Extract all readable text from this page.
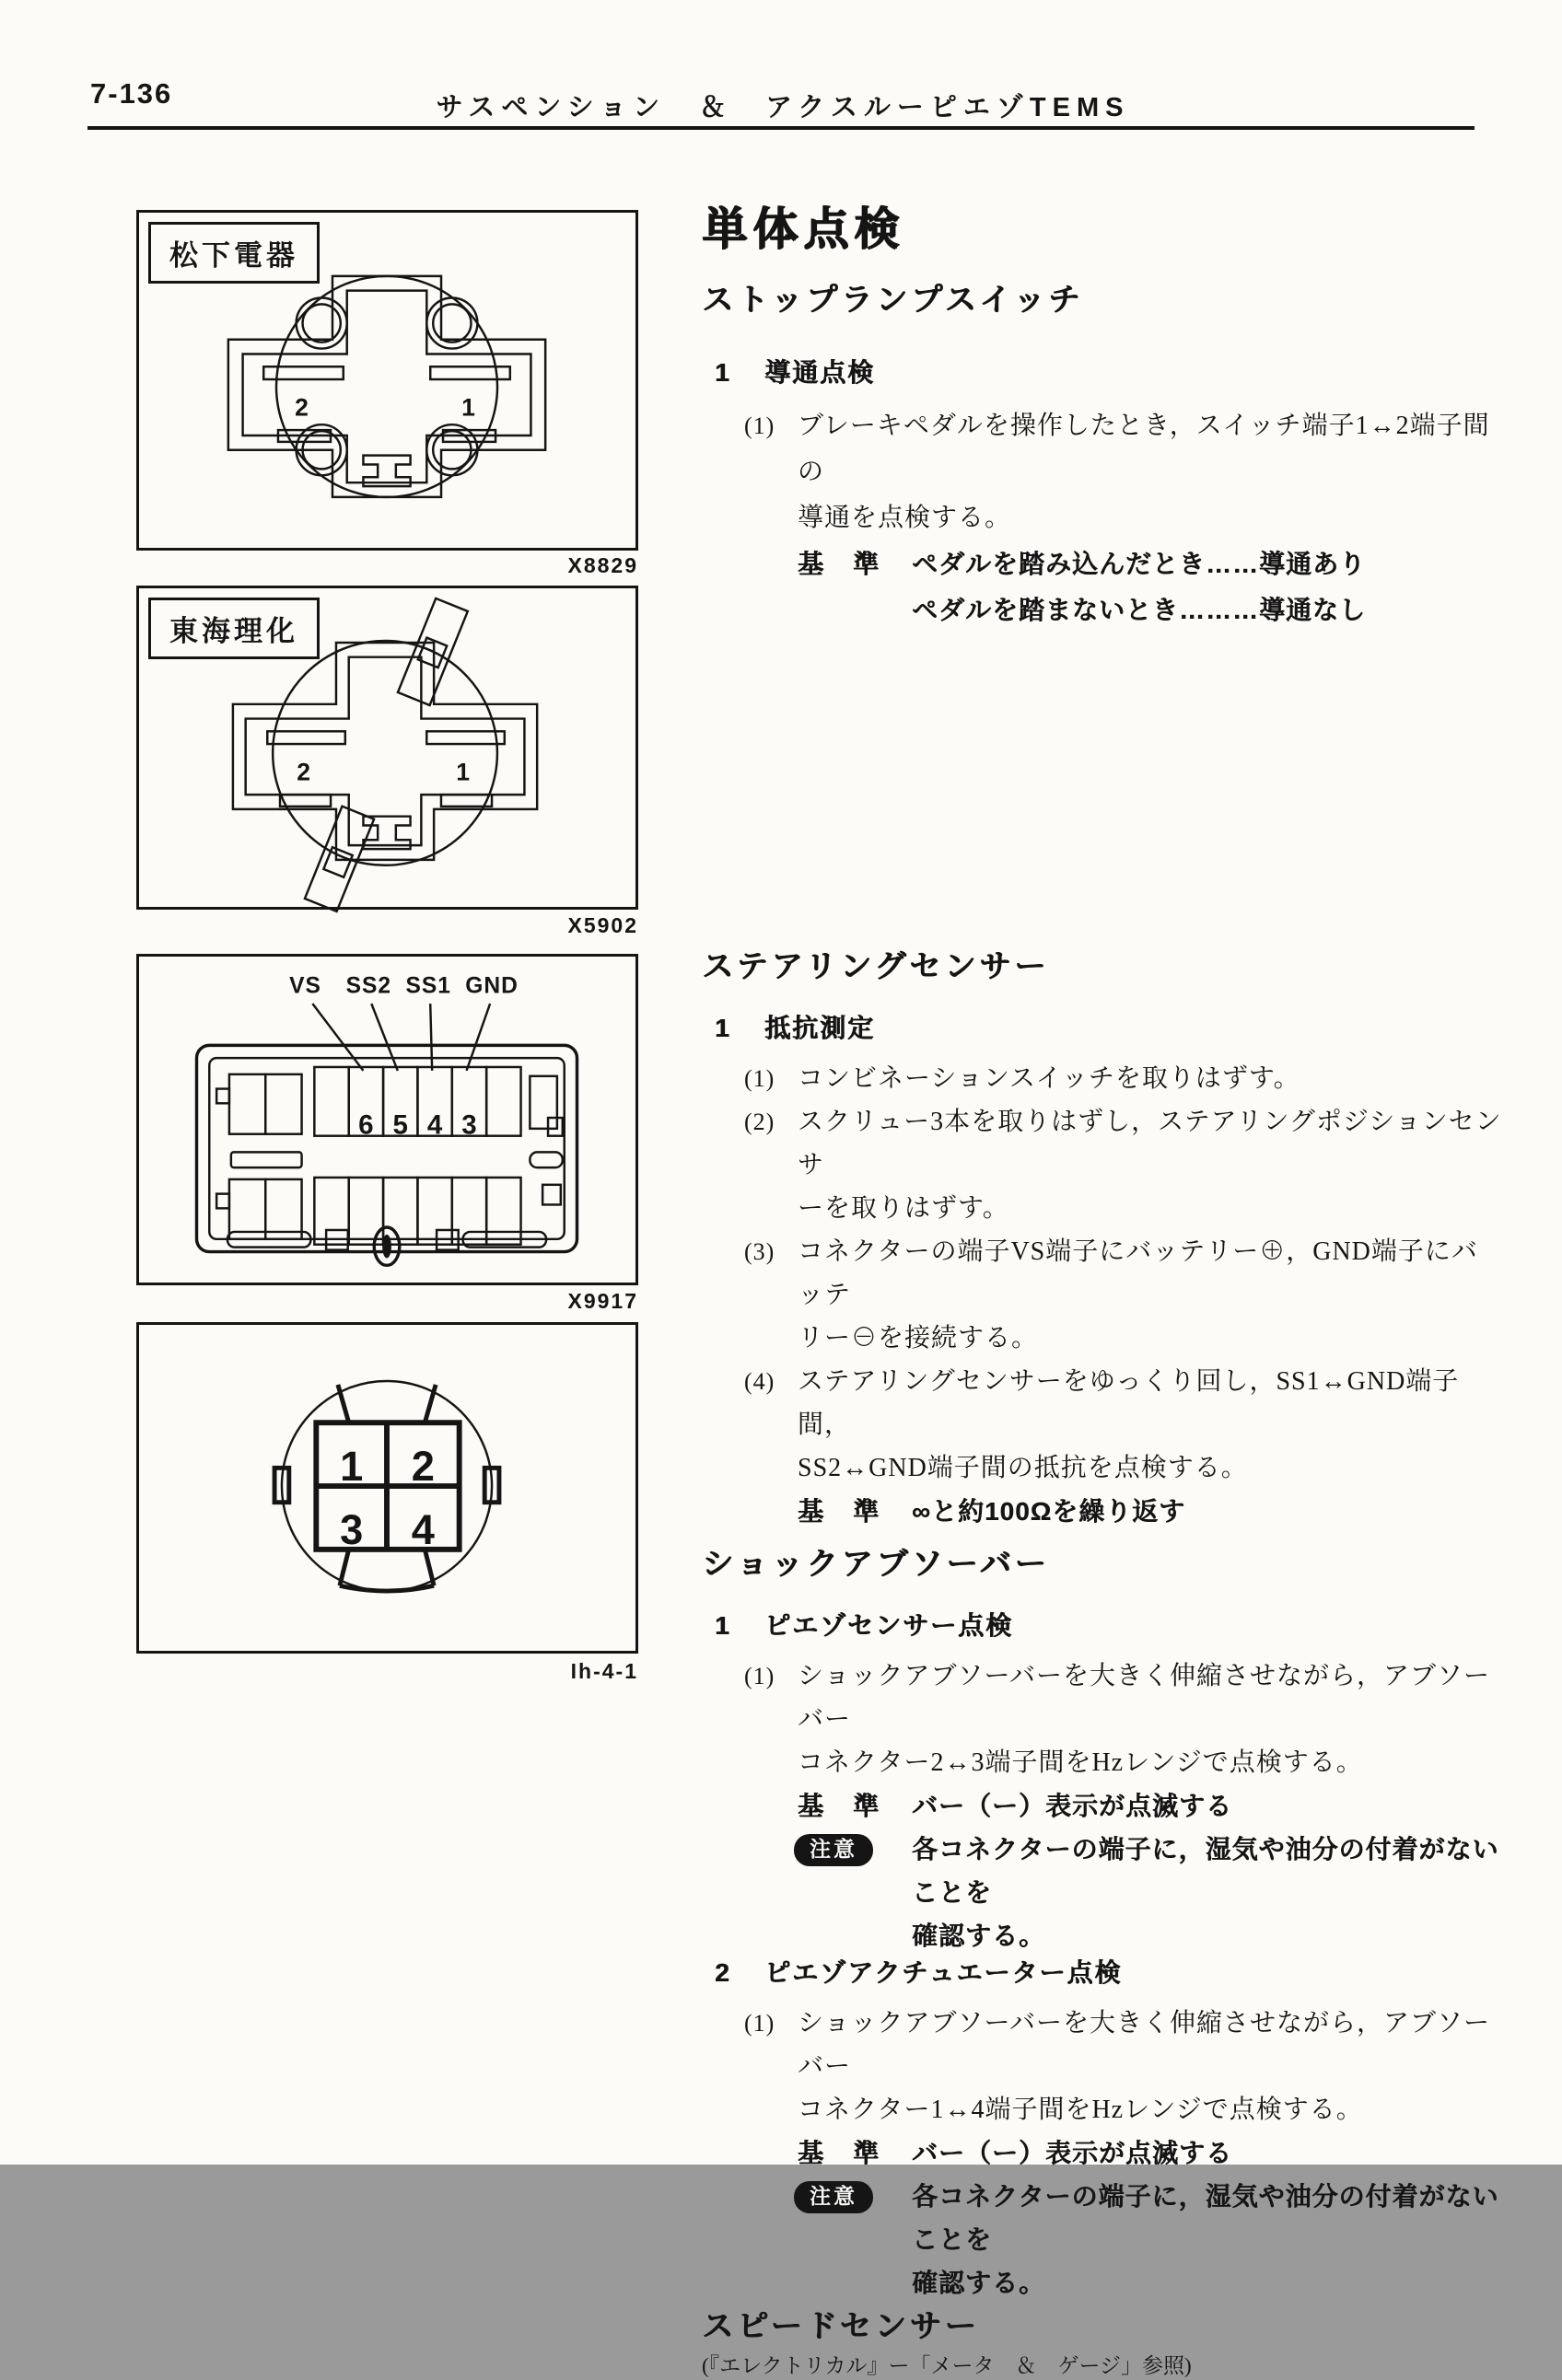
7-136	サスペンション　＆　アクスルーピエゾTEMS
2	1
松下電器
X8829
2	1
東海理化
X5902
VS SS2 SS1 GND
6 5 4 3
X9917
1 2
3 4
Ih-4-1
単体点検
ストップランプスイッチ
1 導通点検
(1) ブレーキペダルを操作したとき，スイッチ端子1↔2端子間の
導通を点検する。
基　準	ペダルを踏み込んだとき……導通あり
ペダルを踏まないとき………導通なし
ステアリングセンサー
1 抵抗測定
(1) コンビネーションスイッチを取りはずす。
(2) スクリュー3本を取りはずし，ステアリングポジションセンサ
ーを取りはずす。
(3) コネクターの端子VS端子にバッテリー⊕，GND端子にバッテ
リー⊖を接続する。
(4) ステアリングセンサーをゆっくり回し，SS1↔GND端子間，
SS2↔GND端子間の抵抗を点検する。
基　準	∞と約100Ωを繰り返す
ショックアブソーバー
1 ピエゾセンサー点検
(1) ショックアブソーバーを大きく伸縮させながら，アブソーバー
コネクター2↔3端子間をHzレンジで点検する。
基　準	バー（ー）表示が点滅する
注意	各コネクターの端子に，湿気や油分の付着がないことを
確認する。
2 ピエゾアクチュエーター点検
(1) ショックアブソーバーを大きく伸縮させながら，アブソーバー
コネクター1↔4端子間をHzレンジで点検する。
基　準	バー（ー）表示が点滅する
注意	各コネクターの端子に，湿気や油分の付着がないことを
確認する。
スピードセンサー
(『エレクトリカル』ー「メータ　＆　ゲージ」参照)
